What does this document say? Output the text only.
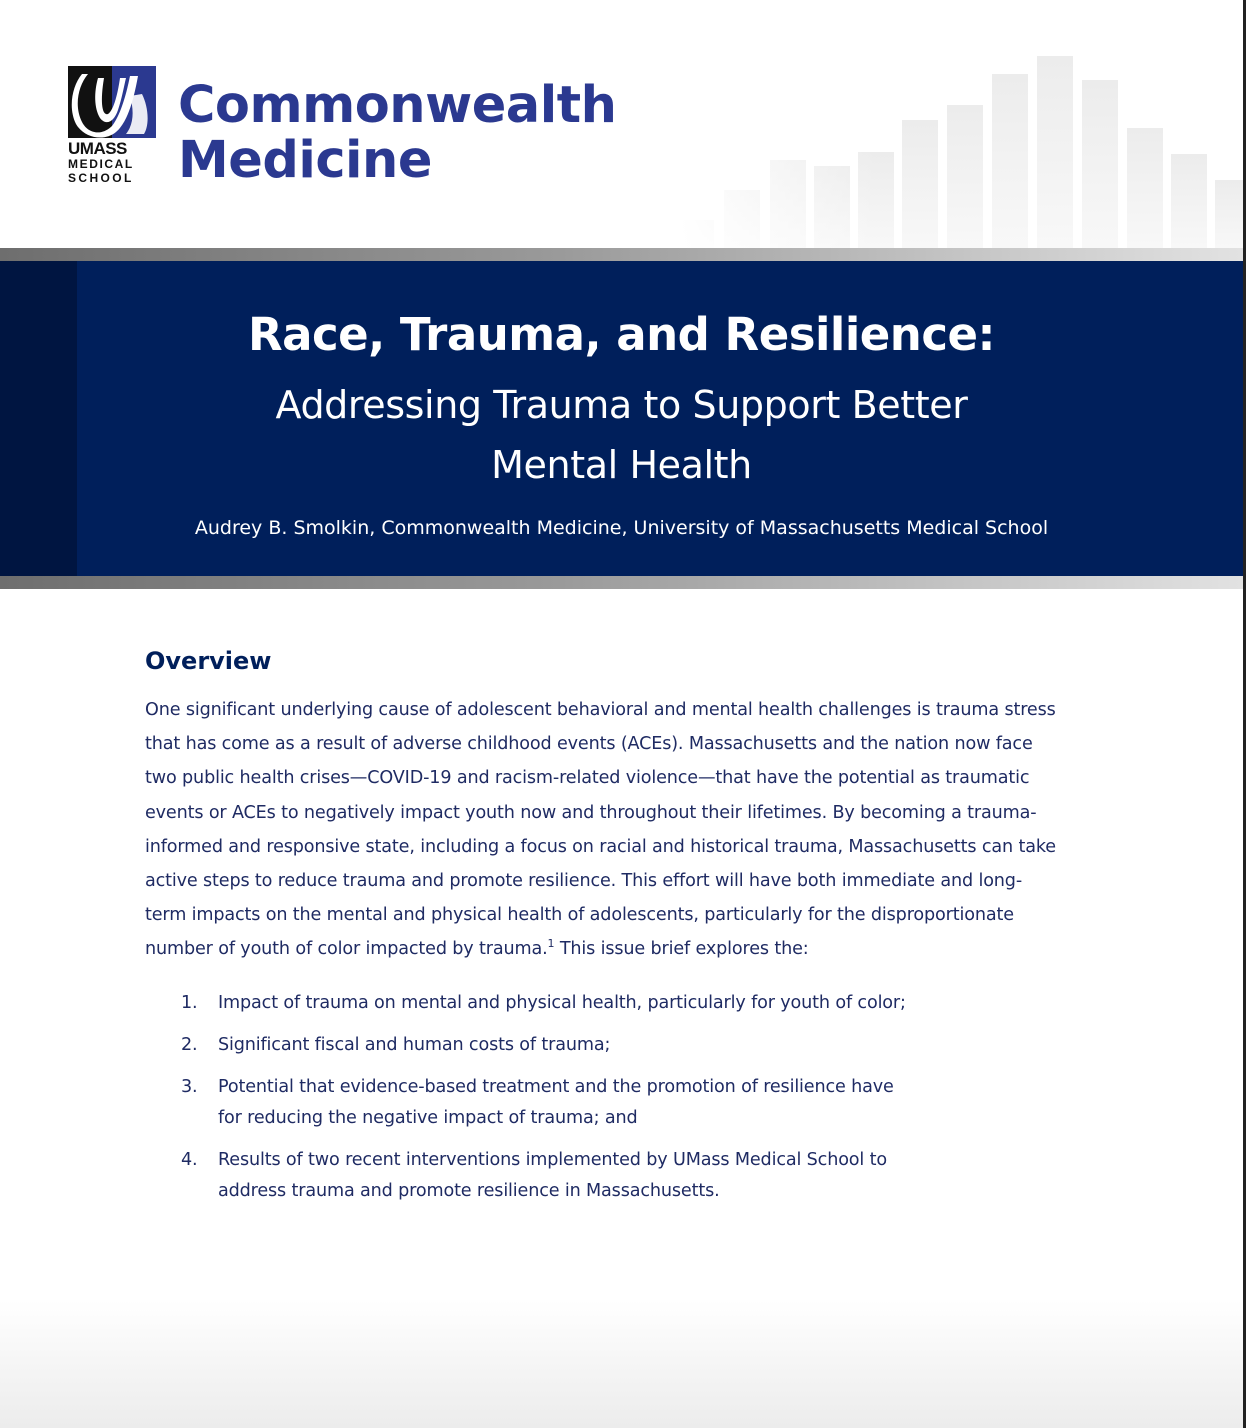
UMASS
MEDICAL
SCHOOL
Commonwealth
Medicine
Race, Trauma, and Resilience:
Addressing Trauma to Support Better
Mental Health
Audrey B. Smolkin, Commonwealth Medicine, University of Massachusetts Medical School
Overview
One significant underlying cause of adolescent behavioral and mental health challenges is trauma stress
that has come as a result of adverse childhood events (ACEs). Massachusetts and the nation now face
two public health crises—COVID-19 and racism-related violence—that have the potential as traumatic
events or ACEs to negatively impact youth now and throughout their lifetimes. By becoming a trauma-
informed and responsive state, including a focus on racial and historical trauma, Massachusetts can take
active steps to reduce trauma and promote resilience. This effort will have both immediate and long-
term impacts on the mental and physical health of adolescents, particularly for the disproportionate
number of youth of color impacted by trauma.$^1$ This issue brief explores the:
1.	Impact of trauma on mental and physical health, particularly for youth of color;
2.	Significant fiscal and human costs of trauma;
3.	Potential that evidence-based treatment and the promotion of resilience have
for reducing the negative impact of trauma; and
4.	Results of two recent interventions implemented by UMass Medical School to
address trauma and promote resilience in Massachusetts.
